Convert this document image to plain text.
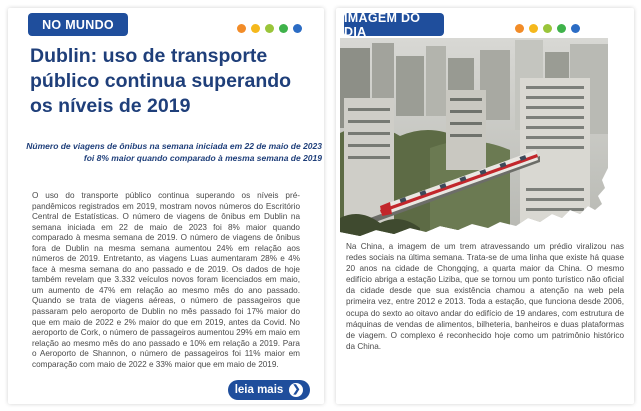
NO MUNDO
Dublin: uso de transporte público continua superando os níveis de 2019

Número de viagens de ônibus na semana iniciada em 22 de maio de 2023 foi 8% maior quando comparado à mesma semana de 2019

O uso do transporte público continua superando os níveis pré-pandêmicos registrados em 2019, mostram novos números do Escritório Central de Estatísticas. O número de viagens de ônibus em Dublin na semana iniciada em 22 de maio de 2023 foi 8% maior quando comparado à mesma semana de 2019. O número de viagens de ônibus fora de Dublin na mesma semana aumentou 24% em relação aos números de 2019. Entretanto, as viagens Luas aumentaram 28% e 4% face à mesma semana do ano passado e de 2019. Os dados de hoje também revelam que 3.332 veículos novos foram licenciados em maio, um aumento de 47% em relação ao mesmo mês do ano passado. Quando se trata de viagens aéreas, o número de passageiros que passaram pelo aeroporto de Dublin no mês passado foi 17% maior do que em maio de 2022 e 2% maior do que em 2019, antes da Covid. No aeroporto de Cork, o número de passageiros aumentou 29% em maio em relação ao mesmo mês do ano passado e 10% em relação a 2019. Para o Aeroporto de Shannon, o número de passageiros foi 11% maior em comparação com maio de 2022 e 33% maior que em maio de 2019.

leia mais ❯
IMAGEM DO DIA

Na China, a imagem de um trem atravessando um prédio viralizou nas redes sociais na última semana. Trata-se de uma linha que existe há quase 20 anos na cidade de Chongqing, a quarta maior da China. O mesmo edifício abriga a estação Liziba, que se tornou um ponto turístico não oficial da cidade desde que sua existência chamou a atenção na web pela primeira vez, entre 2012 e 2013. Toda a estação, que funciona desde 2006, ocupa do sexto ao oitavo andar do edifício de 19 andares, com estrutura de máquinas de vendas de alimentos, bilheteria, banheiros e duas plataformas de viagem. O complexo é reconhecido hoje como um patrimônio histórico da China.
